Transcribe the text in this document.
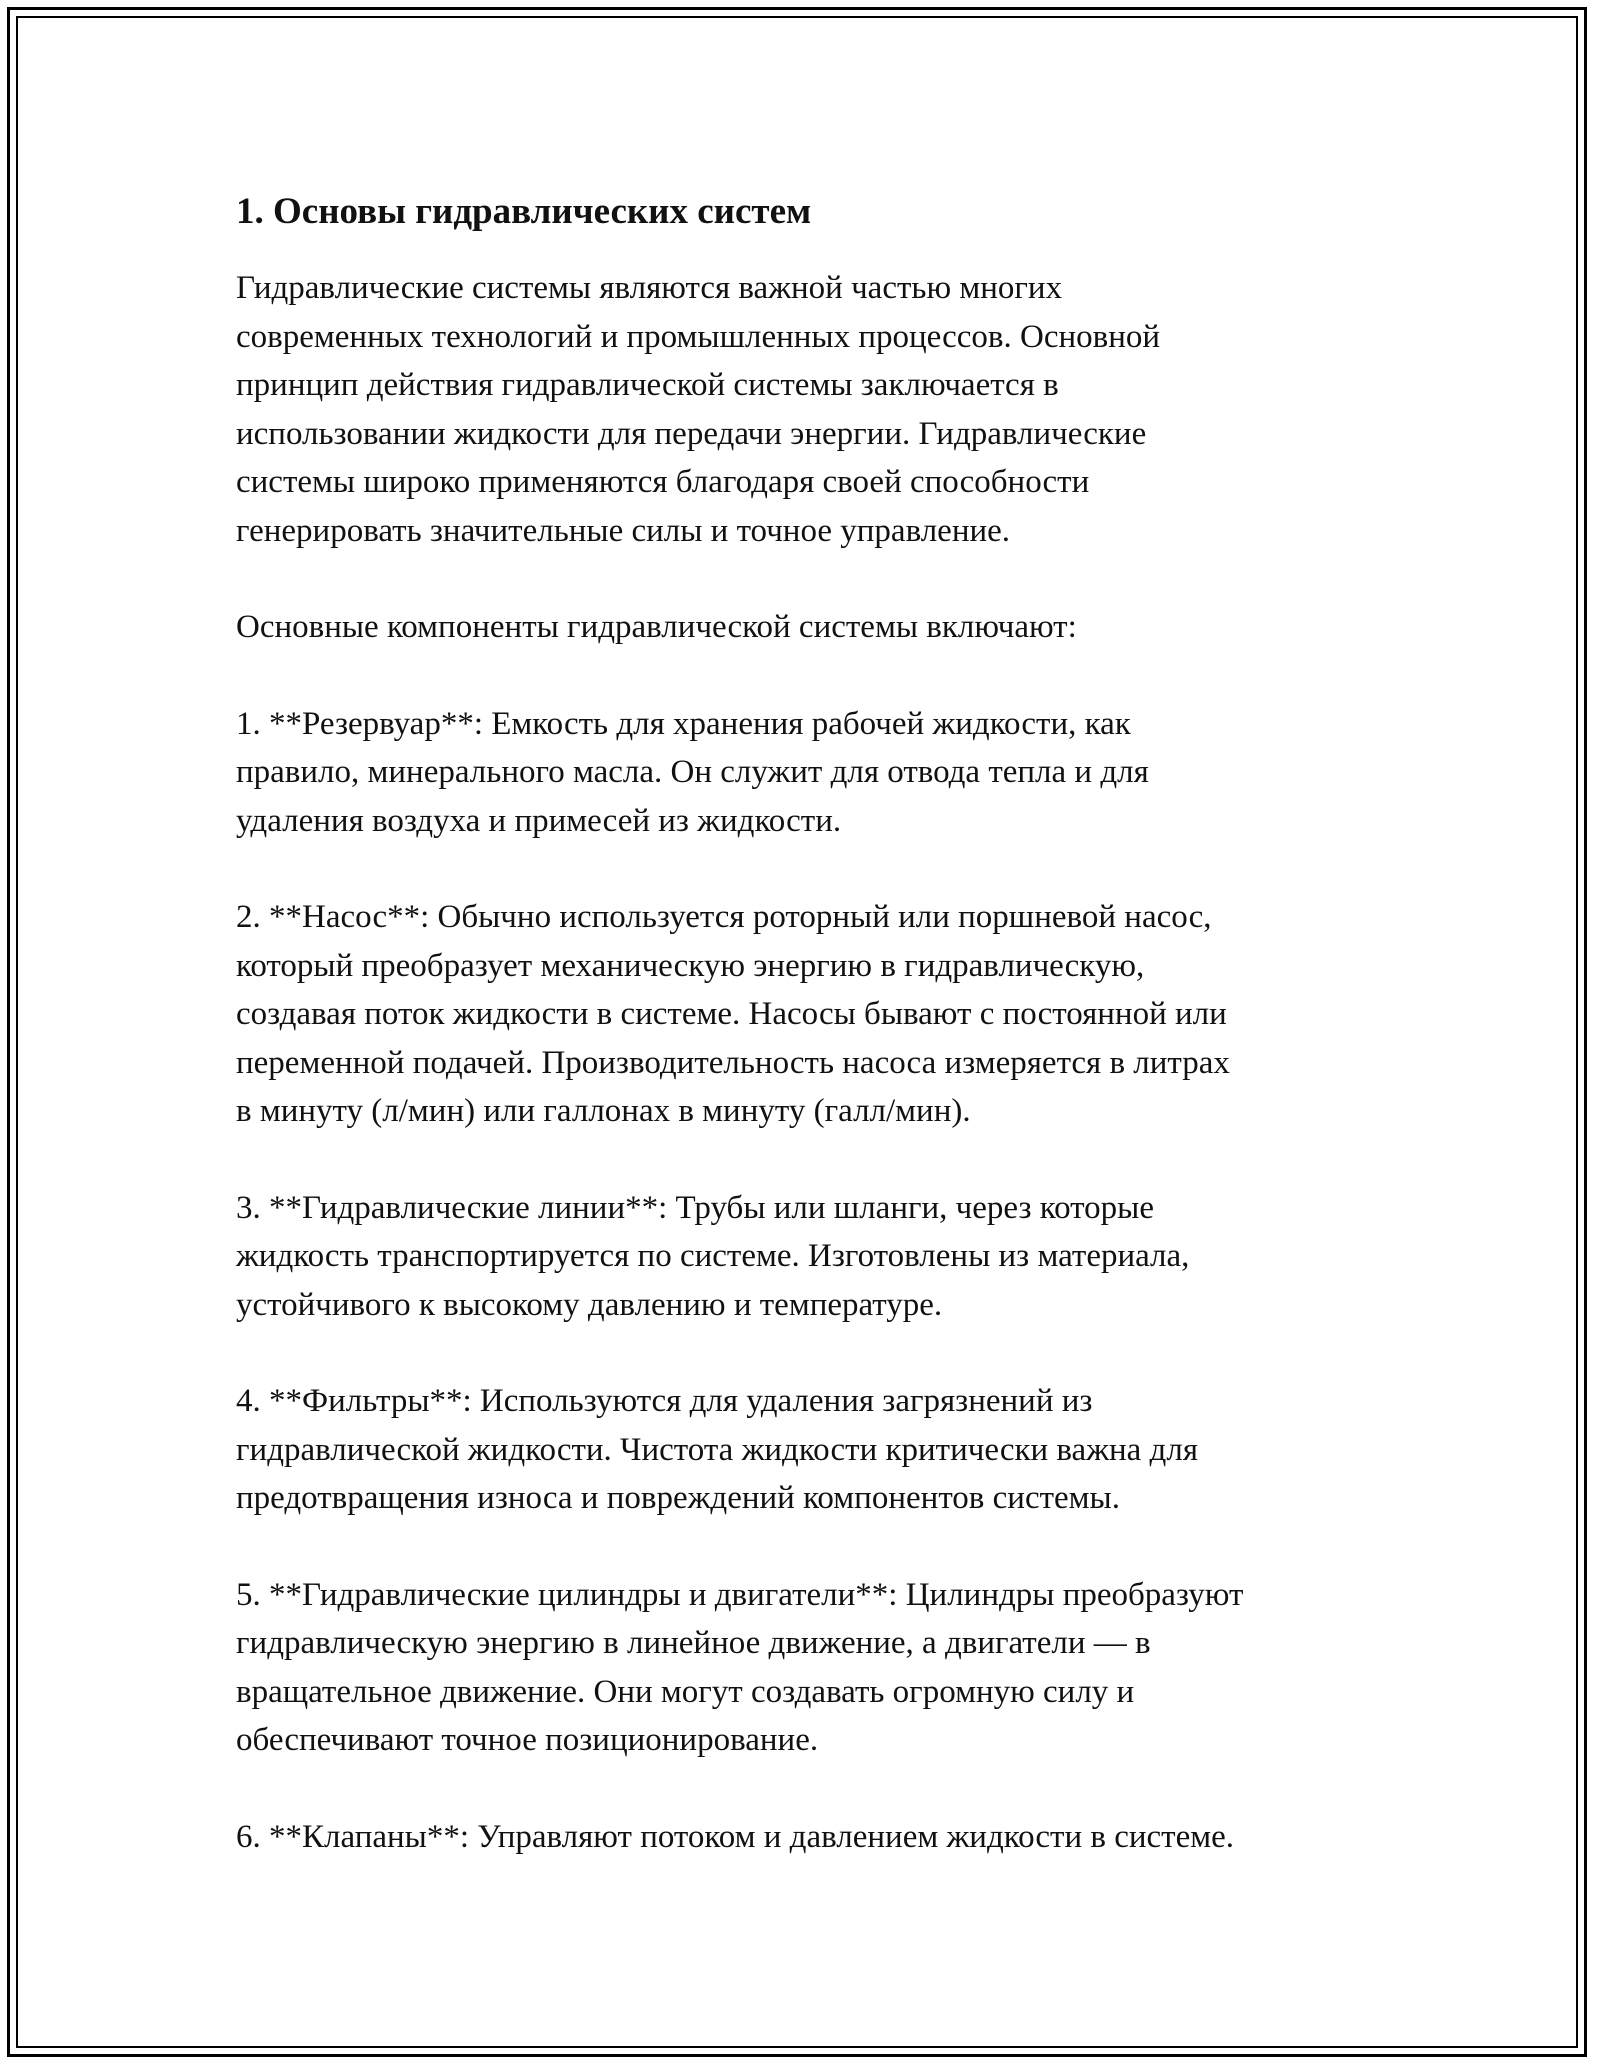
1. Основы гидравлических систем

Гидравлические системы являются важной частью многих
современных технологий и промышленных процессов. Основной
принцип действия гидравлической системы заключается в
использовании жидкости для передачи энергии. Гидравлические
системы широко применяются благодаря своей способности
генерировать значительные силы и точное управление.

Основные компоненты гидравлической системы включают:

1. **Резервуар**: Емкость для хранения рабочей жидкости, как
правило, минерального масла. Он служит для отвода тепла и для
удаления воздуха и примесей из жидкости.

2. **Насос**: Обычно используется роторный или поршневой насос,
который преобразует механическую энергию в гидравлическую,
создавая поток жидкости в системе. Насосы бывают с постоянной или
переменной подачей. Производительность насоса измеряется в литрах
в минуту (л/мин) или галлонах в минуту (галл/мин).

3. **Гидравлические линии**: Трубы или шланги, через которые
жидкость транспортируется по системе. Изготовлены из материала,
устойчивого к высокому давлению и температуре.

4. **Фильтры**: Используются для удаления загрязнений из
гидравлической жидкости. Чистота жидкости критически важна для
предотвращения износа и повреждений компонентов системы.

5. **Гидравлические цилиндры и двигатели**: Цилиндры преобразуют
гидравлическую энергию в линейное движение, а двигатели — в
вращательное движение. Они могут создавать огромную силу и
обеспечивают точное позиционирование.

6. **Клапаны**: Управляют потоком и давлением жидкости в системе.
